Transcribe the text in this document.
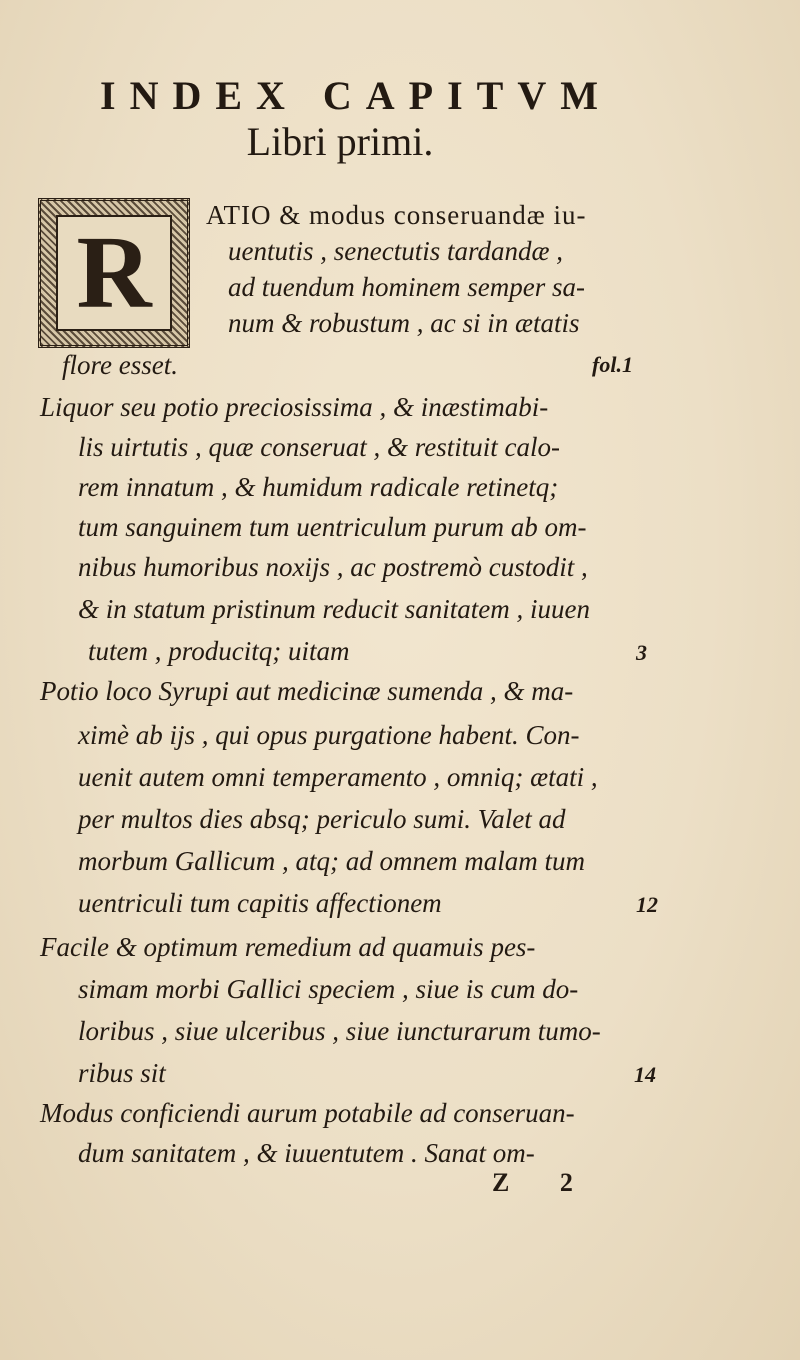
INDEX CAPITVM
Libri primi.
R	ATIO & modus conseruandæ iu-
uentutis , senectutis tardandæ ,
ad tuendum hominem semper sa-
num & robustum , ac si in ætatis
flore esset.	fol.1
Liquor seu potio preciosissima , & inæstimabi-
lis uirtutis , quæ conseruat , & restituit calo-
rem innatum , & humidum radicale retinetq;
tum sanguinem tum uentriculum purum ab om-
nibus humoribus noxijs , ac postremò custodit ,
& in statum pristinum reducit sanitatem , iuuen
tutem , producitq; uitam	3
Potio loco Syrupi aut medicinæ sumenda , & ma-
ximè ab ijs , qui opus purgatione habent. Con-
uenit autem omni temperamento , omniq; ætati ,
per multos dies absq; periculo sumi. Valet ad
morbum Gallicum , atq; ad omnem malam tum
uentriculi tum capitis affectionem	12
Facile & optimum remedium ad quamuis pes-
simam morbi Gallici speciem , siue is cum do-
loribus , siue ulceribus , siue iuncturarum tumo-
ribus sit	14
Modus conficiendi aurum potabile ad conseruan-
dum sanitatem , & iuuentutem . Sanat om-
Z 2
